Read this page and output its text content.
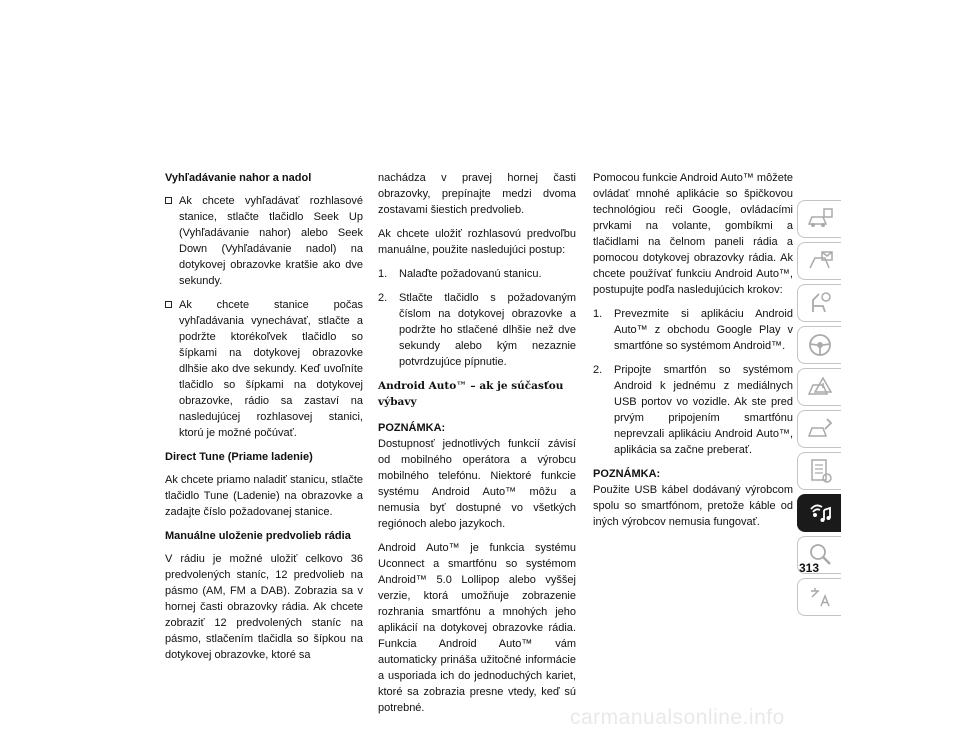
Vyhľadávanie nahor a nadol
Ak chcete vyhľadávať rozhlasové stanice, stlačte tlačidlo Seek Up (Vyhľadávanie nahor) alebo Seek Down (Vyhľadávanie nadol) na dotykovej obrazovke kratšie ako dve sekundy.
Ak chcete stanice počas vyhľadávania vynechávať, stlačte a podržte ktorékoľvek tlačidlo so šípkami na dotykovej obrazovke dlhšie ako dve sekundy. Keď uvoľníte tlačidlo so šípkami na dotykovej obrazovke, rádio sa zastaví na nasledujúcej rozhlasovej stanici, ktorú je možné počúvať.
Direct Tune (Priame ladenie)

Ak chcete priamo naladiť stanicu, stlačte tlačidlo Tune (Ladenie) na obrazovke a zadajte číslo požadovanej stanice.

Manuálne uloženie predvolieb rádia

V rádiu je možné uložiť celkovo 36 predvolených staníc, 12 predvolieb na pásmo (AM, FM a DAB). Zobrazia sa v hornej časti obrazovky rádia. Ak chcete zobraziť 12 predvolených staníc na pásmo, stlačením tlačidla so šípkou na dotykovej obrazovke, ktoré sa

nachádza v pravej hornej časti obrazovky, prepínajte medzi dvoma zostavami šiestich predvolieb.

Ak chcete uložiť rozhlasovú predvoľbu manuálne, použite nasledujúci postup:

1. Nalaďte požadovanú stanicu.
2. Stlačte tlačidlo s požadovaným číslom na dotykovej obrazovke a podržte ho stlačené dlhšie než dve sekundy alebo kým nezaznie potvrdzujúce pípnutie.
Android Auto™ – ak je súčasťou výbavy

POZNÁMKA:
Dostupnosť jednotlivých funkcií závisí od mobilného operátora a výrobcu mobilného telefónu. Niektoré funkcie systému Android Auto™ môžu a nemusia byť dostupné vo všetkých regiónoch alebo jazykoch.

Android Auto™ je funkcia systému Uconnect a smartfónu so systémom Android™ 5.0 Lollipop alebo vyššej verzie, ktorá umožňuje zobrazenie rozhrania smartfónu a mnohých jeho aplikácií na dotykovej obrazovke rádia. Funkcia Android Auto™ vám automaticky prináša užitočné informácie a usporiada ich do jednoduchých kariet, ktoré sa zobrazia presne vtedy, keď sú potrebné.

Pomocou funkcie Android Auto™ môžete ovládať mnohé aplikácie so špičkovou technológiou reči Google, ovládacími prvkami na volante, gombíkmi a tlačidlami na čelnom paneli rádia a pomocou dotykovej obrazovky rádia. Ak chcete používať funkciu Android Auto™, postupujte podľa nasledujúcich krokov:

1. Prevezmite si aplikáciu Android Auto™ z obchodu Google Play v smartfóne so systémom Android™.
2. Pripojte smartfón so systémom Android k jednému z mediálnych USB portov vo vozidle. Ak ste pred prvým pripojením smartfónu neprevzali aplikáciu Android Auto™, aplikácia sa začne preberať.

POZNÁMKA:
Použite USB kábel dodávaný výrobcom spolu so smartfónom, pretože káble od iných výrobcov nemusia fungovať.

313
carmanualsonline.info
